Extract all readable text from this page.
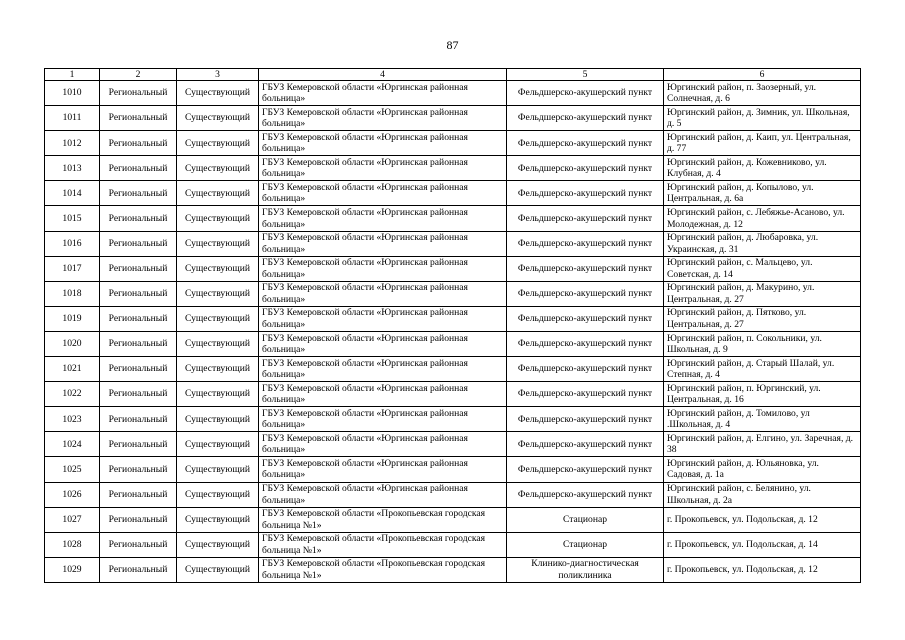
87
1	2	3	4	5	6
1010	Региональный	Существующий	ГБУЗ Кемеровской области «Юргинская районная больница»	Фельдшерско-акушерский пункт	Юргинский район, п. Заозерный, ул. Солнечная, д. 6
1011	Региональный	Существующий	ГБУЗ Кемеровской области «Юргинская районная больница»	Фельдшерско-акушерский пункт	Юргинский район, д. Зимник, ул. Школьная, д. 5
1012	Региональный	Существующий	ГБУЗ Кемеровской области «Юргинская районная больница»	Фельдшерско-акушерский пункт	Юргинский район, д. Каип, ул. Центральная, д. 77
1013	Региональный	Существующий	ГБУЗ Кемеровской области «Юргинская районная больница»	Фельдшерско-акушерский пункт	Юргинский район, д. Кожевниково, ул. Клубная, д. 4
1014	Региональный	Существующий	ГБУЗ Кемеровской области «Юргинская районная больница»	Фельдшерско-акушерский пункт	Юргинский район, д. Копылово, ул. Центральная, д. 6а
1015	Региональный	Существующий	ГБУЗ Кемеровской области «Юргинская районная больница»	Фельдшерско-акушерский пункт	Юргинский район, с. Лебяжье-Асаново, ул. Молодежная, д. 12
1016	Региональный	Существующий	ГБУЗ Кемеровской области «Юргинская районная больница»	Фельдшерско-акушерский пункт	Юргинский район, д. Любаровка, ул. Украинская, д. 31
1017	Региональный	Существующий	ГБУЗ Кемеровской области «Юргинская районная больница»	Фельдшерско-акушерский пункт	Юргинский район, с. Мальцево, ул. Советская, д. 14
1018	Региональный	Существующий	ГБУЗ Кемеровской области «Юргинская районная больница»	Фельдшерско-акушерский пункт	Юргинский район, д. Макурино, ул. Центральная, д. 27
1019	Региональный	Существующий	ГБУЗ Кемеровской области «Юргинская районная больница»	Фельдшерско-акушерский пункт	Юргинский район, д. Пятково, ул. Центральная, д. 27
1020	Региональный	Существующий	ГБУЗ Кемеровской области «Юргинская районная больница»	Фельдшерско-акушерский пункт	Юргинский район, п. Сокольники, ул. Школьная, д. 9
1021	Региональный	Существующий	ГБУЗ Кемеровской области «Юргинская районная больница»	Фельдшерско-акушерский пункт	Юргинский район, д. Старый Шалай, ул. Степная, д. 4
1022	Региональный	Существующий	ГБУЗ Кемеровской области «Юргинская районная больница»	Фельдшерско-акушерский пункт	Юргинский район, п. Юргинский, ул. Центральная, д. 16
1023	Региональный	Существующий	ГБУЗ Кемеровской области «Юргинская районная больница»	Фельдшерско-акушерский пункт	Юргинский район, д. Томилово, ул .Школьная, д. 4
1024	Региональный	Существующий	ГБУЗ Кемеровской области «Юргинская районная больница»	Фельдшерско-акушерский пункт	Юргинский район, д. Елгино, ул. Заречная, д. 38
1025	Региональный	Существующий	ГБУЗ Кемеровской области «Юргинская районная больница»	Фельдшерско-акушерский пункт	Юргинский район, д. Юльяновка, ул. Садовая, д. 1а
1026	Региональный	Существующий	ГБУЗ Кемеровской области «Юргинская районная больница»	Фельдшерско-акушерский пункт	Юргинский район, с. Белянино, ул. Школьная, д. 2а
1027	Региональный	Существующий	ГБУЗ Кемеровской области «Прокопьевская городская больница №1»	Стационар	г. Прокопьевск, ул. Подольская, д. 12
1028	Региональный	Существующий	ГБУЗ Кемеровской области «Прокопьевская городская больница №1»	Стационар	г. Прокопьевск, ул. Подольская, д. 14
1029	Региональный	Существующий	ГБУЗ Кемеровской области «Прокопьевская городская больница №1»	Клинико-диагностическая поликлиника	г. Прокопьевск, ул. Подольская, д. 12
